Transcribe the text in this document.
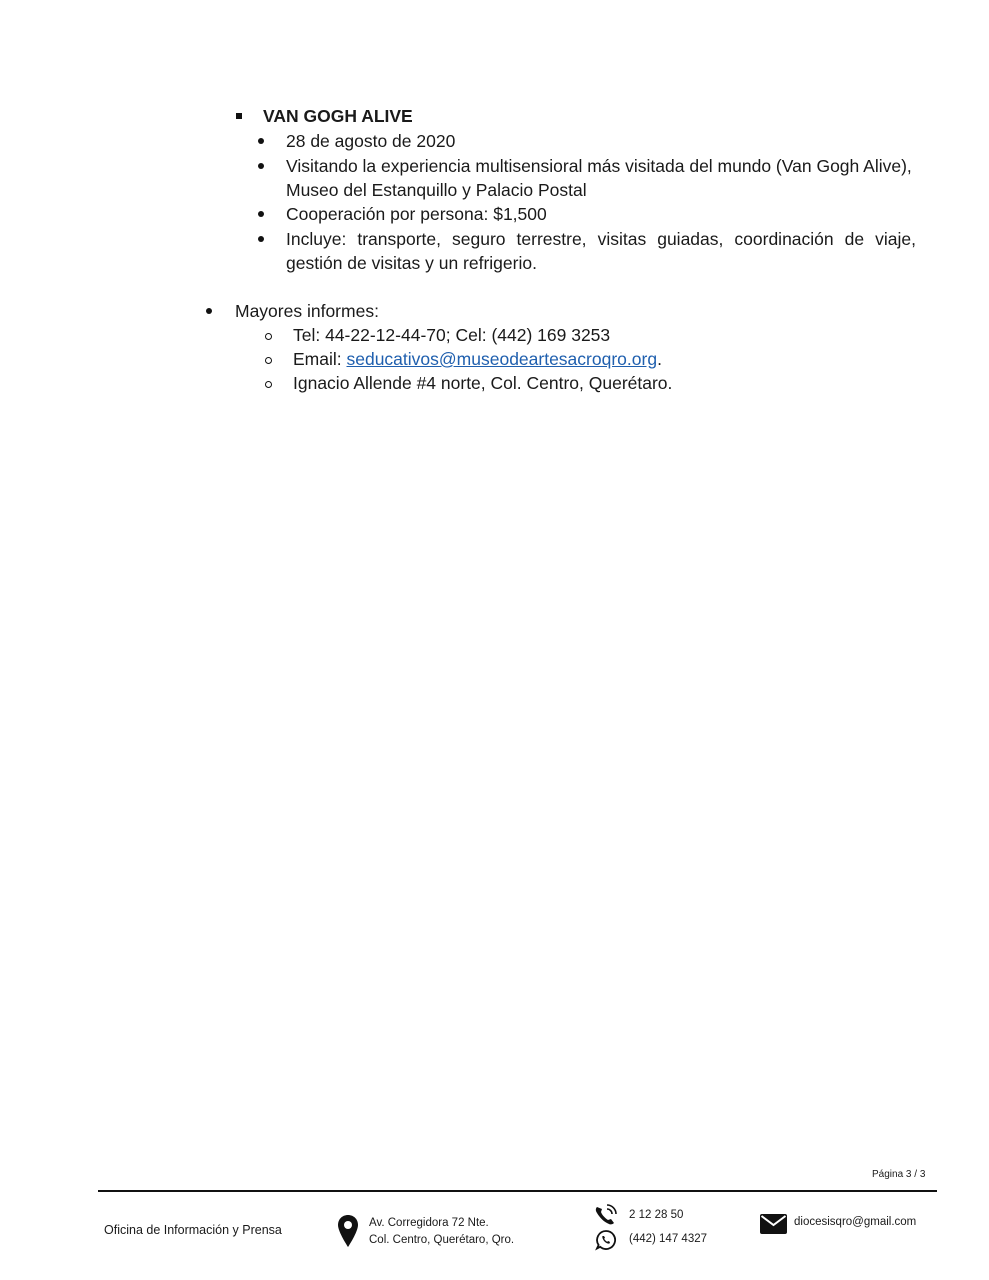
VAN GOGH ALIVE
28 de agosto de 2020
Visitando la experiencia multisensioral más visitada del mundo (Van Gogh Alive),
Museo del Estanquillo y Palacio Postal
Cooperación por persona: $1,500
Incluye: transporte, seguro terrestre, visitas guiadas, coordinación de viaje,
gestión de visitas y un refrigerio.
Mayores informes:
Tel: 44-22-12-44-70; Cel: (442) 169 3253
Email: seducativos@museodeartesacroqro.org.
Ignacio Allende #4 norte, Col. Centro, Querétaro.
Página 3 / 3
Oficina de Información y Prensa	Av. Corregidora 72 Nte.
Col. Centro, Querétaro, Qro.
2 12 28 50
(442) 147 4327
diocesisqro@gmail.com
